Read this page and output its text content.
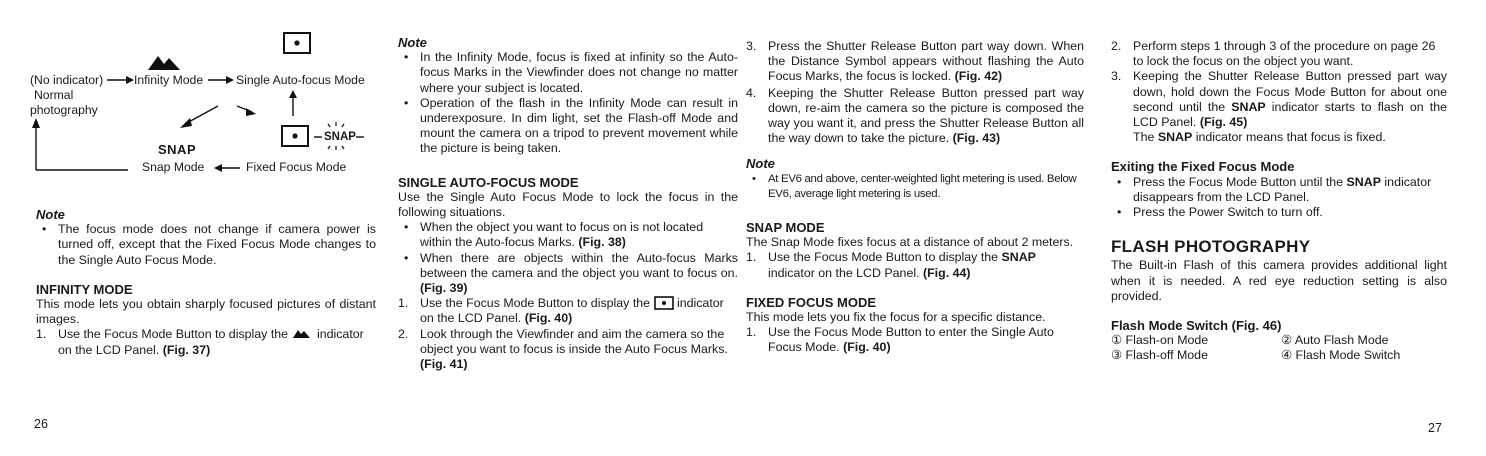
(No indicator)	Infinity Mode	Single Auto-focus Mode
Normal
photography
SNAP
SNAP
Snap Mode	Fixed Focus Mode

Note

• The focus mode does not change if camera power is turned off, except that the Fixed Focus Mode changes to the Single Auto Focus Mode.

INFINITY MODE

This mode lets you obtain sharply focused pictures of distant images.

1. Use the Focus Mode Button to display the indicator on the LCD Panel. (Fig. 37)
26

Note

• In the Infinity Mode, focus is fixed at infinity so the Auto-focus Marks in the Viewfinder does not change no matter where your subject is located.
• Operation of the flash in the Infinity Mode can result in underexposure. In dim light, set the Flash-off Mode and mount the camera on a tripod to prevent movement while the picture is being taken.

SINGLE AUTO-FOCUS MODE

Use the Single Auto Focus Mode to lock the focus in the following situations.

• When the object you want to focus on is not located within the Auto-focus Marks. (Fig. 38)
• When there are objects within the Auto-focus Marks between the camera and the object you want to focus on. (Fig. 39)
1. Use the Focus Mode Button to display the indicator on the LCD Panel. (Fig. 40)
2. Look through the Viewfinder and aim the camera so the object you want to focus is inside the Auto Focus Marks. (Fig. 41)
3. Press the Shutter Release Button part way down. When the Distance Symbol appears without flashing the Auto Focus Marks, the focus is locked. (Fig. 42)
4. Keeping the Shutter Release Button pressed part way down, re-aim the camera so the picture is composed the way you want it, and press the Shutter Release Button all the way down to take the picture. (Fig. 43)

Note

• At EV6 and above, center-weighted light metering is used. Below EV6, average light metering is used.

SNAP MODE

The Snap Mode fixes focus at a distance of about 2 meters.

1. Use the Focus Mode Button to display the SNAP indicator on the LCD Panel. (Fig. 44)

FIXED FOCUS MODE

This mode lets you fix the focus for a specific distance.

1. Use the Focus Mode Button to enter the Single Auto Focus Mode. (Fig. 40)
2. Perform steps 1 through 3 of the procedure on page 26 to lock the focus on the object you want.
3. Keeping the Shutter Release Button pressed part way down, hold down the Focus Mode Button for about one second until the SNAP indicator starts to flash on the LCD Panel. (Fig. 45)
The SNAP indicator means that focus is fixed.

Exiting the Fixed Focus Mode

• Press the Focus Mode Button until the SNAP indicator disappears from the LCD Panel.
• Press the Power Switch to turn off.

FLASH PHOTOGRAPHY

The Built-in Flash of this camera provides additional light when it is needed. A red eye reduction setting is also provided.

Flash Mode Switch (Fig. 46)

① Flash-on Mode	② Auto Flash Mode
③ Flash-off Mode	④ Flash Mode Switch
27
